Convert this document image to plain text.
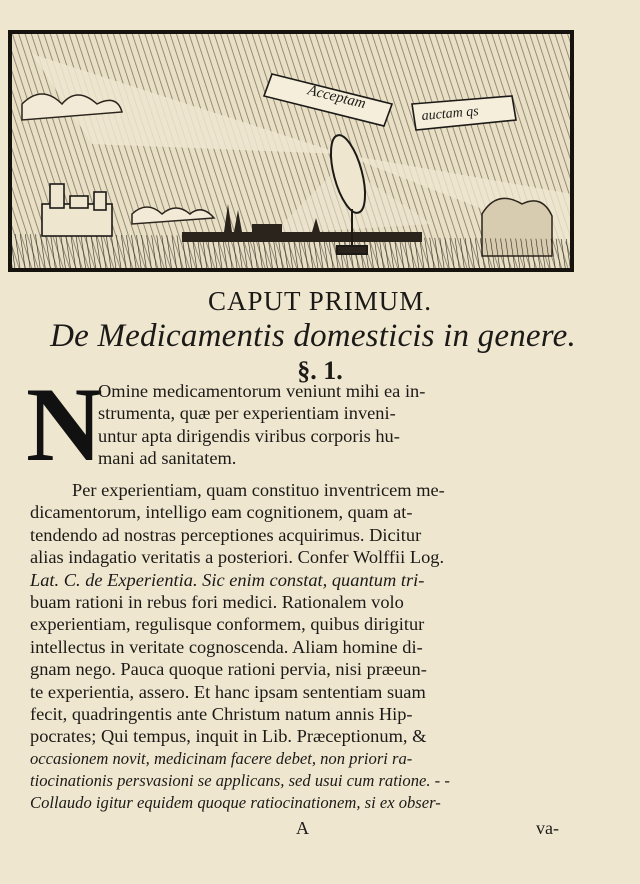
Acceptam
auctam qs
CAPUT PRIMUM.
De Medicamentis domesticis in genere.
§. 1.
N
Omine medicamentorum veniunt mihi ea in-
strumenta, quæ per experientiam inveni-
untur apta dirigendis viribus corporis hu-
mani ad sanitatem.
Per experientiam, quam constituo inventricem me-
dicamentorum, intelligo eam cognitionem, quam at-
tendendo ad nostras perceptiones acquirimus. Dicitur
alias indagatio veritatis a posteriori. Confer Wolffii Log.
Lat. C. de Experientia. Sic enim constat, quantum tri-
buam rationi in rebus fori medici. Rationalem volo
experientiam, regulisque conformem, quibus dirigitur
intellectus in veritate cognoscenda. Aliam homine di-
gnam nego. Pauca quoque rationi pervia, nisi præeun-
te experientia, assero. Et hanc ipsam sententiam suam
fecit, quadringentis ante Christum natum annis Hip-
pocrates; Qui tempus, inquit in Lib. Præceptionum, &
occasionem novit, medicinam facere debet, non priori ra-
tiocinationis persvasioni se applicans, sed usui cum ratione. - -
Collaudo igitur equidem quoque ratiocinationem, si ex obser-
A	va-
